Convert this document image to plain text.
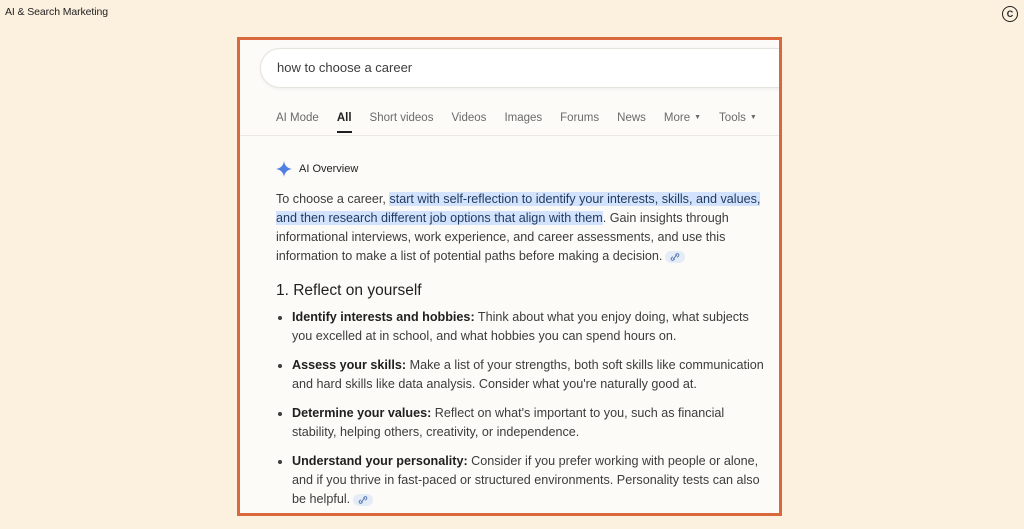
AI & Search Marketing	C
how to choose a career
AI Mode All Short videos Videos Images Forums News More ▼ Tools ▼
AI Overview
To choose a career, start with self-reflection to identify your interests, skills, and values, and then research different job options that align with them. Gain insights through informational interviews, work experience, and career assessments, and use this information to make a list of potential paths before making a decision.
1. Reflect on yourself
• Identify interests and hobbies: Think about what you enjoy doing, what subjects you excelled at in school, and what hobbies you can spend hours on.
• Assess your skills: Make a list of your strengths, both soft skills like communication and hard skills like data analysis. Consider what you're naturally good at.
• Determine your values: Reflect on what's important to you, such as financial stability, helping others, creativity, or independence.
• Understand your personality: Consider if you prefer working with people or alone, and if you thrive in fast-paced or structured environments. Personality tests can also be helpful.
